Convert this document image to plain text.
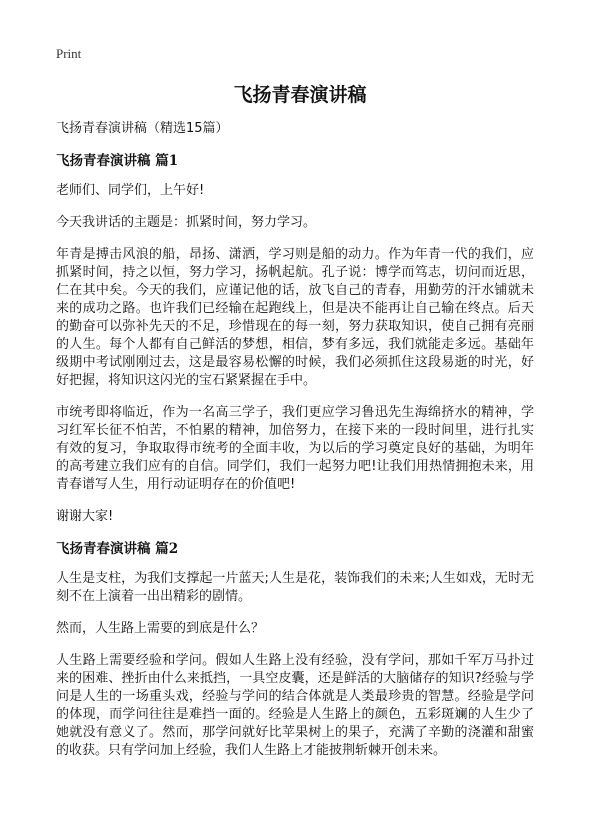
Print
飞扬青春演讲稿

飞扬青春演讲稿（精选15篇）

飞扬青春演讲稿 篇1

老师们、同学们，上午好!

今天我讲话的主题是：抓紧时间，努力学习。

年青是搏击风浪的船，昂扬、潇洒，学习则是船的动力。作为年青一代的我们，应抓紧时间，持之以恒，努力学习，扬帆起航。孔子说：博学而笃志，切问而近思，仁在其中矣。今天的我们，应谨记他的话，放飞自己的青春，用勤劳的汗水铺就未来的成功之路。也许我们已经输在起跑线上，但是决不能再让自己输在终点。后天的勤奋可以弥补先天的不足，珍惜现在的每一刻，努力获取知识，使自己拥有亮丽的人生。每个人都有自己鲜活的梦想，相信，梦有多远，我们就能走多远。基础年级期中考试刚刚过去，这是最容易松懈的时候，我们必须抓住这段易逝的时光，好好把握，将知识这闪光的宝石紧紧握在手中。

市统考即将临近，作为一名高三学子，我们更应学习鲁迅先生海绵挤水的精神，学习红军长征不怕苦，不怕累的精神，加倍努力，在接下来的一段时间里，进行扎实有效的复习，争取取得市统考的全面丰收，为以后的学习奠定良好的基础，为明年的高考建立我们应有的自信。同学们，我们一起努力吧!让我们用热情拥抱未来，用青春谱写人生，用行动证明存在的价值吧!

谢谢大家!

飞扬青春演讲稿 篇2

人生是支柱，为我们支撑起一片蓝天;人生是花，装饰我们的未来;人生如戏，无时无刻不在上演着一出出精彩的剧情。

然而，人生路上需要的到底是什么？

人生路上需要经验和学问。假如人生路上没有经验，没有学问，那如千军万马扑过来的困难、挫折由什么来抵挡，一具空皮囊，还是鲜活的大脑储存的知识?经验与学问是人生的一场重头戏，经验与学问的结合体就是人类最珍贵的智慧。经验是学问的体现，而学问往往是难挡一面的。经验是人生路上的颜色，五彩斑斓的人生少了她就没有意义了。然而，那学问就好比苹果树上的果子，充满了辛勤的浇灌和甜蜜的收获。只有学问加上经验，我们人生路上才能披荆斩棘开创未来。
